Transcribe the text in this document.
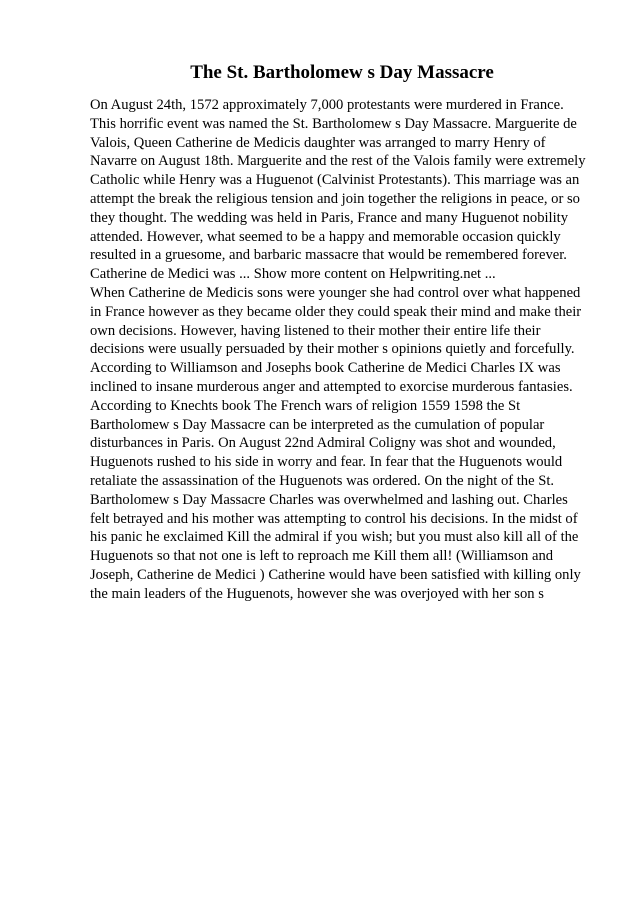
The St. Bartholomew s Day Massacre
On August 24th, 1572 approximately 7,000 protestants were murdered in France.
This horrific event was named the St. Bartholomew s Day Massacre. Marguerite de
Valois, Queen Catherine de Medicis daughter was arranged to marry Henry of
Navarre on August 18th. Marguerite and the rest of the Valois family were extremely
Catholic while Henry was a Huguenot (Calvinist Protestants). This marriage was an
attempt the break the religious tension and join together the religions in peace, or so
they thought. The wedding was held in Paris, France and many Huguenot nobility
attended. However, what seemed to be a happy and memorable occasion quickly
resulted in a gruesome, and barbaric massacre that would be remembered forever.
Catherine de Medici was ... Show more content on Helpwriting.net ...
When Catherine de Medicis sons were younger she had control over what happened
in France however as they became older they could speak their mind and make their
own decisions. However, having listened to their mother their entire life their
decisions were usually persuaded by their mother s opinions quietly and forcefully.
According to Williamson and Josephs book Catherine de Medici Charles IX was
inclined to insane murderous anger and attempted to exorcise murderous fantasies.
According to Knechts book The French wars of religion 1559 1598 the St
Bartholomew s Day Massacre can be interpreted as the cumulation of popular
disturbances in Paris. On August 22nd Admiral Coligny was shot and wounded,
Huguenots rushed to his side in worry and fear. In fear that the Huguenots would
retaliate the assassination of the Huguenots was ordered. On the night of the St.
Bartholomew s Day Massacre Charles was overwhelmed and lashing out. Charles
felt betrayed and his mother was attempting to control his decisions. In the midst of
his panic he exclaimed Kill the admiral if you wish; but you must also kill all of the
Huguenots so that not one is left to reproach me Kill them all! (Williamson and
Joseph, Catherine de Medici ) Catherine would have been satisfied with killing only
the main leaders of the Huguenots, however she was overjoyed with her son s
